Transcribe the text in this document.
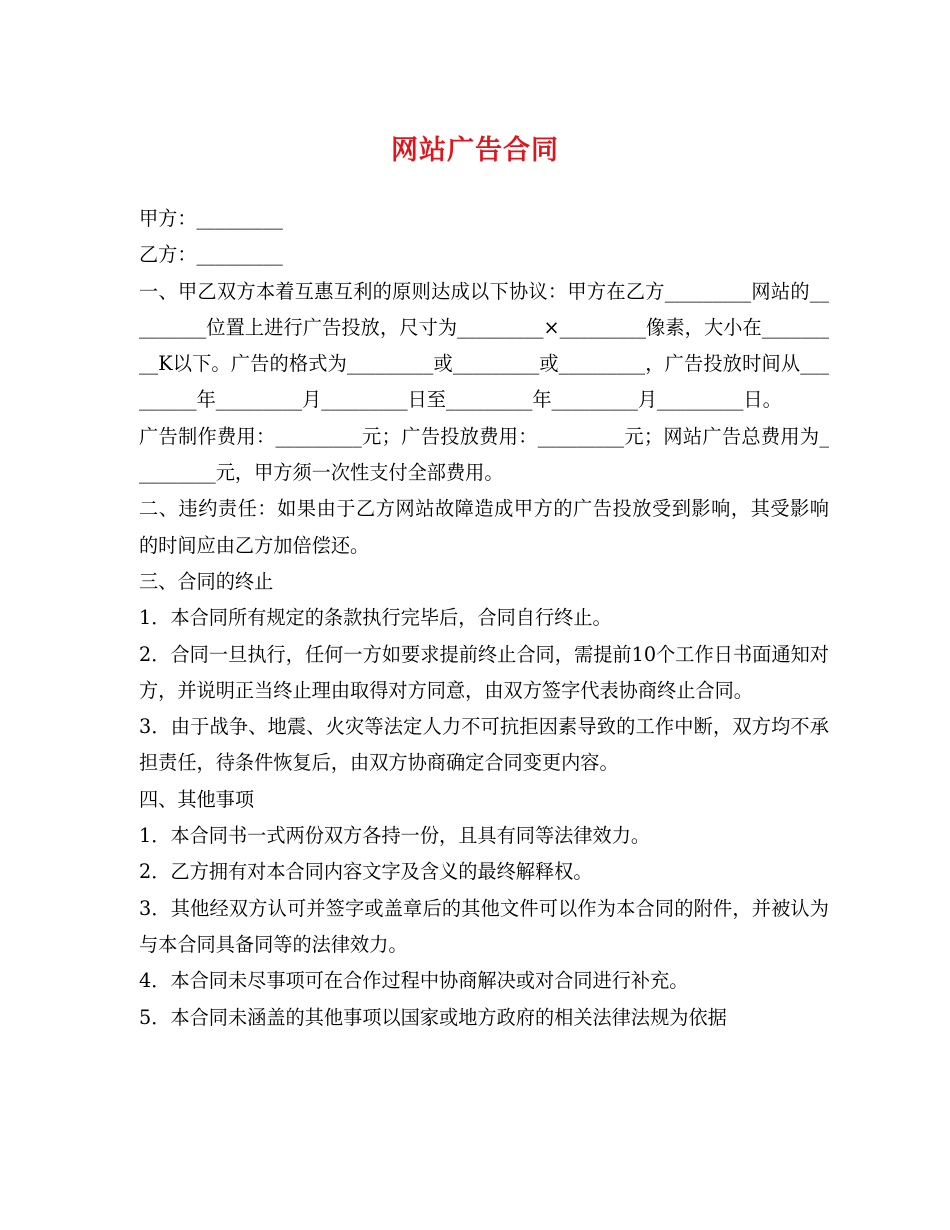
网站广告合同

甲方：_________

乙方：_________

一、甲乙双方本着互惠互利的原则达成以下协议：甲方在乙方_________网站的_________位置上进行广告投放，尺寸为_________×_________像素，大小在_________K以下。广告的格式为_________或_________或_________，广告投放时间从_________年_________月_________日至_________年_________月_________日。

广告制作费用：_________元；广告投放费用：_________元；网站广告总费用为_________元，甲方须一次性支付全部费用。

二、违约责任：如果由于乙方网站故障造成甲方的广告投放受到影响，其受影响的时间应由乙方加倍偿还。

三、合同的终止

1．本合同所有规定的条款执行完毕后，合同自行终止。

2．合同一旦执行，任何一方如要求提前终止合同，需提前10个工作日书面通知对方，并说明正当终止理由取得对方同意，由双方签字代表协商终止合同。

3．由于战争、地震、火灾等法定人力不可抗拒因素导致的工作中断，双方均不承担责任，待条件恢复后，由双方协商确定合同变更内容。

四、其他事项

1．本合同书一式两份双方各持一份，且具有同等法律效力。

2．乙方拥有对本合同内容文字及含义的最终解释权。

3．其他经双方认可并签字或盖章后的其他文件可以作为本合同的附件，并被认为与本合同具备同等的法律效力。

4．本合同未尽事项可在合作过程中协商解决或对合同进行补充。

5．本合同未涵盖的其他事项以国家或地方政府的相关法律法规为依据
